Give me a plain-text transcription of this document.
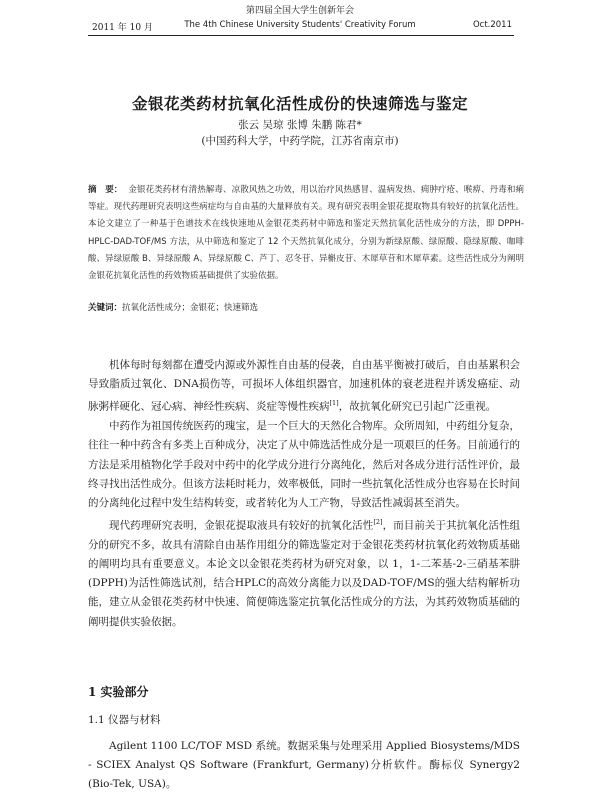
第四届全国大学生创新年会
2011 年 10 月	The 4th Chinese University Students' Creativity Forum	Oct.2011
金银花类药材抗氧化活性成份的快速筛选与鉴定
张云 吴琼 张博 朱鹏 陈君*
(中国药科大学，中药学院，江苏省南京市)
摘　要： 金银花类药材有清热解毒、凉散风热之功效，用以治疗风热感冒、温病发热、痈肿疔疮、喉痹、丹毒和痢等症。现代药理研究表明这些病症均与自由基的大量释放有关。现有研究表明金银花提取物具有较好的抗氧化活性。本论文建立了一种基于色谱技术在线快速地从金银花类药材中筛选和鉴定天然抗氧化活性成分的方法，即 DPPH-HPLC-DAD-TOF/MS 方法，从中筛选和鉴定了 12 个天然抗氧化成分，分别为新绿原酸、绿原酸、隐绿原酸、咖啡酸、异绿原酸 B、异绿原酸 A、异绿原酸 C、芦丁、忍冬苷、异槲皮苷、木犀草苷和木犀草素。这些活性成分为阐明金银花抗氧化活性的药效物质基础提供了实验依据。
关键词：抗氧化活性成分；金银花；快速筛选

机体每时每刻都在遭受内源或外源性自由基的侵袭，自由基平衡被打破后，自由基累积会导致脂质过氧化、DNA损伤等，可损坏人体组织器官，加速机体的衰老进程并诱发癌症、动脉粥样硬化、冠心病、神经性疾病、炎症等慢性疾病[1]，故抗氧化研究已引起广泛重视。

中药作为祖国传统医药的瑰宝，是一个巨大的天然化合物库。众所周知，中药组分复杂，往往一种中药含有多类上百种成分，决定了从中筛选活性成分是一项艰巨的任务。目前通行的方法是采用植物化学手段对中药中的化学成分进行分离纯化，然后对各成分进行活性评价，最终寻找出活性成分。但该方法耗时耗力，效率极低，同时一些抗氧化活性成分也容易在长时间的分离纯化过程中发生结构转变，或者转化为人工产物，导致活性减弱甚至消失。

现代药理研究表明，金银花提取液具有较好的抗氧化活性[2]，而目前关于其抗氧化活性组分的研究不多，故具有清除自由基作用组分的筛选鉴定对于金银花类药材抗氧化药效物质基础的阐明均具有重要意义。本论文以金银花类药材为研究对象，以 1，1-二苯基-2-三硝基苯肼(DPPH)为活性筛选试剂，结合HPLC的高效分离能力以及DAD-TOF/MS的强大结构解析功能，建立从金银花类药材中快速、简便筛选鉴定抗氧化活性成分的方法，为其药效物质基础的阐明提供实验依据。

1 实验部分
1.1 仪器与材料

Agilent 1100 LC/TOF MSD 系统。数据采集与处理采用 Applied Biosystems/MDS - SCIEX Analyst QS Software (Frankfurt, Germany)分析软件。酶标仪 Synergy2 (Bio-Tek, USA)。
